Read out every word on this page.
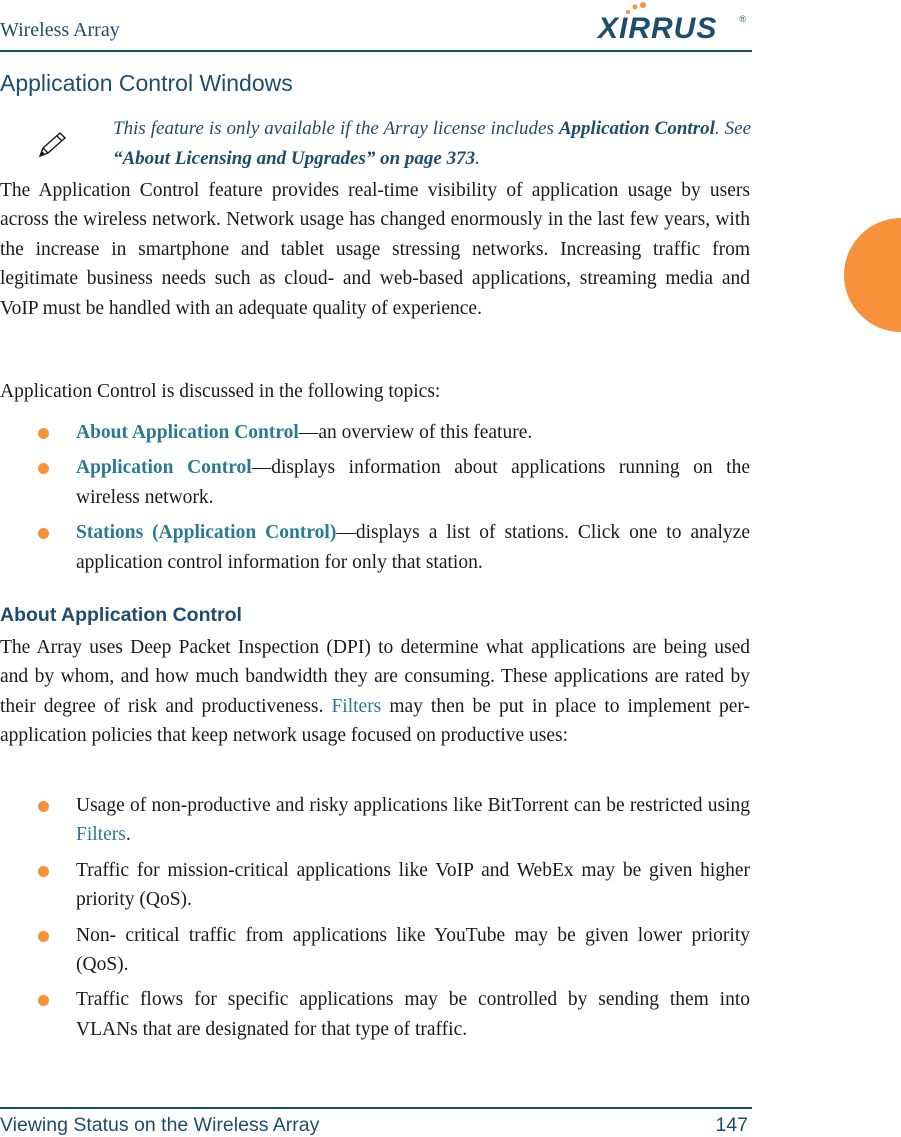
Wireless Array	XIRRUS ®
Application Control Windows
This feature is only available if the Array license includes Application Control. See “About Licensing and Upgrades” on page 373.

The Application Control feature provides real-time visibility of application usage by users across the wireless network. Network usage has changed enormously in the last few years, with the increase in smartphone and tablet usage stressing networks. Increasing traffic from legitimate business needs such as cloud- and web-based applications, streaming media and VoIP must be handled with an adequate quality of experience.

Application Control is discussed in the following topics:

About Application Control—an overview of this feature.
Application Control—displays information about applications running on the wireless network.
Stations (Application Control)—displays a list of stations. Click one to analyze application control information for only that station.
About Application Control

The Array uses Deep Packet Inspection (DPI) to determine what applications are being used and by whom, and how much bandwidth they are consuming. These applications are rated by their degree of risk and productiveness. Filters may then be put in place to implement per-application policies that keep network usage focused on productive uses:

Usage of non-productive and risky applications like BitTorrent can be restricted using Filters.
Traffic for mission-critical applications like VoIP and WebEx may be given higher priority (QoS).
Non- critical traffic from applications like YouTube may be given lower priority (QoS).
Traffic flows for specific applications may be controlled by sending them into VLANs that are designated for that type of traffic.
Viewing Status on the Wireless Array	147
